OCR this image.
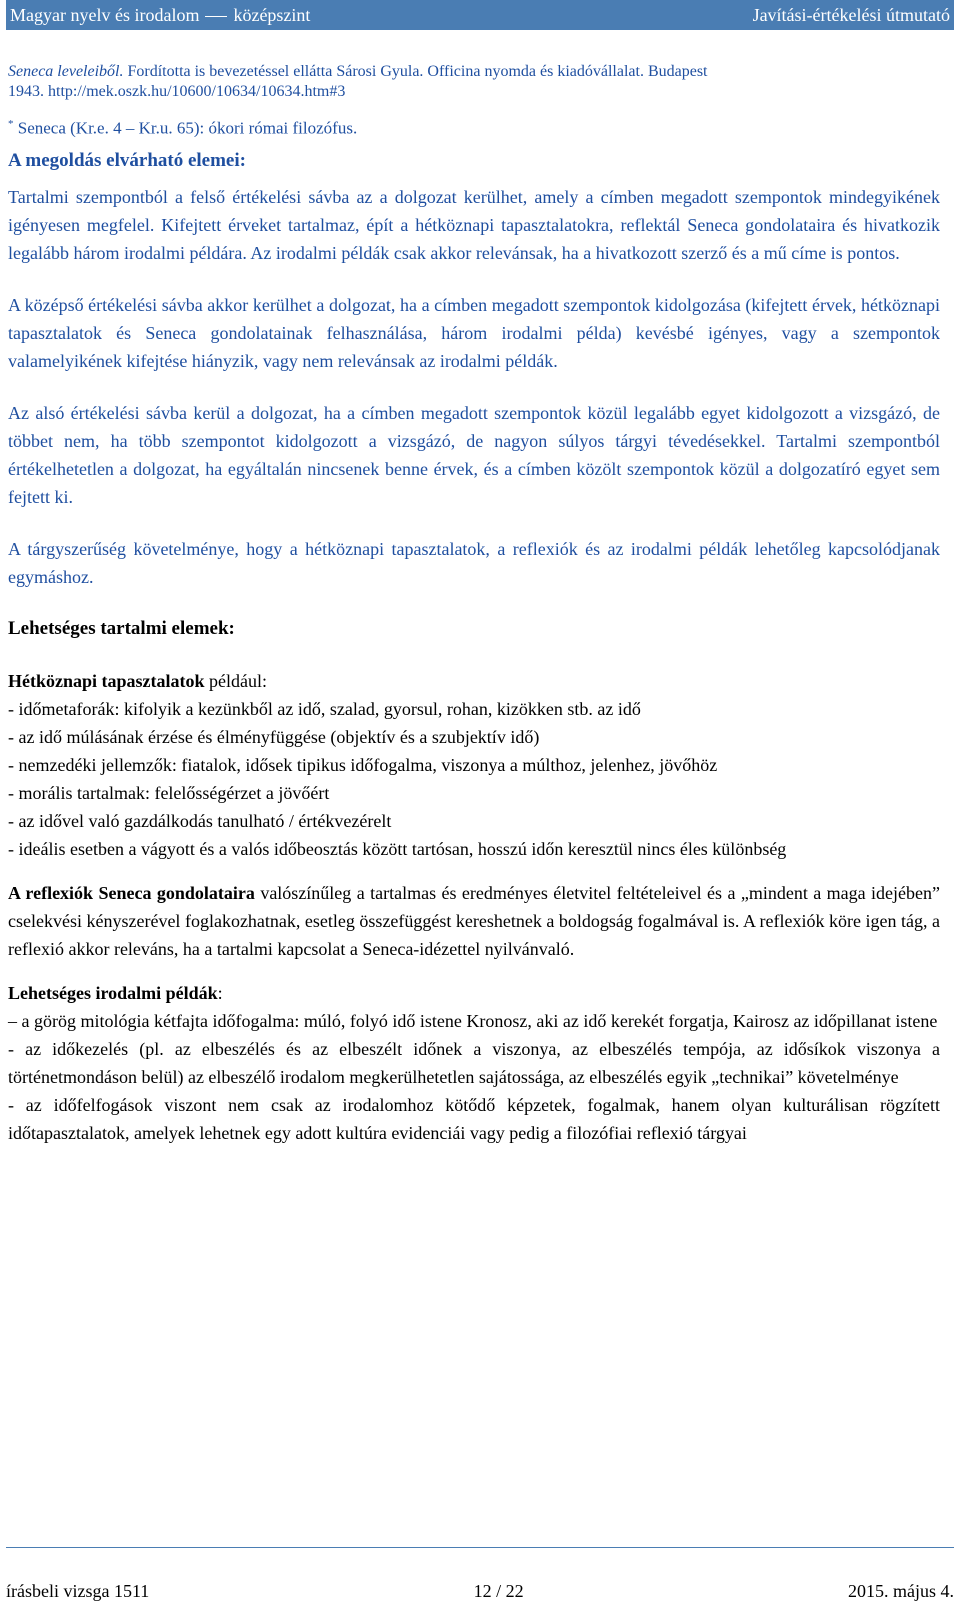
Magyar nyelv és irodalom középszint	Javítási-értékelési útmutató

Seneca leveleiből. Fordította is bevezetéssel ellátta Sárosi Gyula. Officina nyomda és kiadóvállalat. Budapest
1943. http://mek.oszk.hu/10600/10634/10634.htm#3

* Seneca (Kr.e. 4 – Kr.u. 65): ókori római filozófus.

A megoldás elvárható elemei:

Tartalmi szempontból a felső értékelési sávba az a dolgozat kerülhet, amely a címben megadott szempontok mindegyikének igényesen megfelel. Kifejtett érveket tartalmaz, épít a hétköznapi tapasztalatokra, reflektál Seneca gondolataira és hivatkozik legalább három irodalmi példára. Az irodalmi példák csak akkor relevánsak, ha a hivatkozott szerző és a mű címe is pontos.

A középső értékelési sávba akkor kerülhet a dolgozat, ha a címben megadott szempontok kidolgozása (kifejtett érvek, hétköznapi tapasztalatok és Seneca gondolatainak felhasználása, három irodalmi példa) kevésbé igényes, vagy a szempontok valamelyikének kifejtése hiányzik, vagy nem relevánsak az irodalmi példák.

Az alsó értékelési sávba kerül a dolgozat, ha a címben megadott szempontok közül legalább egyet kidolgozott a vizsgázó, de többet nem, ha több szempontot kidolgozott a vizsgázó, de nagyon súlyos tárgyi tévedésekkel. Tartalmi szempontból értékelhetetlen a dolgozat, ha egyáltalán nincsenek benne érvek, és a címben közölt szempontok közül a dolgozatíró egyet sem fejtett ki.

A tárgyszerűség követelménye, hogy a hétköznapi tapasztalatok, a reflexiók és az irodalmi példák lehetőleg kapcsolódjanak egymáshoz.

Lehetséges tartalmi elemek:

Hétköznapi tapasztalatok például:

- időmetaforák: kifolyik a kezünkből az idő, szalad, gyorsul, rohan, kizökken stb. az idő

- az idő múlásának érzése és élményfüggése (objektív és a szubjektív idő)

- nemzedéki jellemzők: fiatalok, idősek tipikus időfogalma, viszonya a múlthoz, jelenhez, jövőhöz

- morális tartalmak: felelősségérzet a jövőért

- az idővel való gazdálkodás tanulható / értékvezérelt

- ideális esetben a vágyott és a valós időbeosztás között tartósan, hosszú időn keresztül nincs éles különbség

A reflexiók Seneca gondolataira valószínűleg a tartalmas és eredményes életvitel feltételeivel és a „mindent a maga idejében” cselekvési kényszerével foglakozhatnak, esetleg összefüggést kereshetnek a boldogság fogalmával is. A reflexiók köre igen tág, a reflexió akkor releváns, ha a tartalmi kapcsolat a Seneca-idézettel nyilvánvaló.

Lehetséges irodalmi példák:

– a görög mitológia kétfajta időfogalma: múló, folyó idő istene Kronosz, aki az idő kerekét forgatja, Kairosz az időpillanat istene

- az időkezelés (pl. az elbeszélés és az elbeszélt időnek a viszonya, az elbeszélés tempója, az idősíkok viszonya a történetmondáson belül) az elbeszélő irodalom megkerülhetetlen sajátossága, az elbeszélés egyik „technikai” követelménye

- az időfelfogások viszont nem csak az irodalomhoz kötődő képzetek, fogalmak, hanem olyan kulturálisan rögzített időtapasztalatok, amelyek lehetnek egy adott kultúra evidenciái vagy pedig a filozófiai reflexió tárgyai

írásbeli vizsga 1511	12 / 22	2015. május 4.
